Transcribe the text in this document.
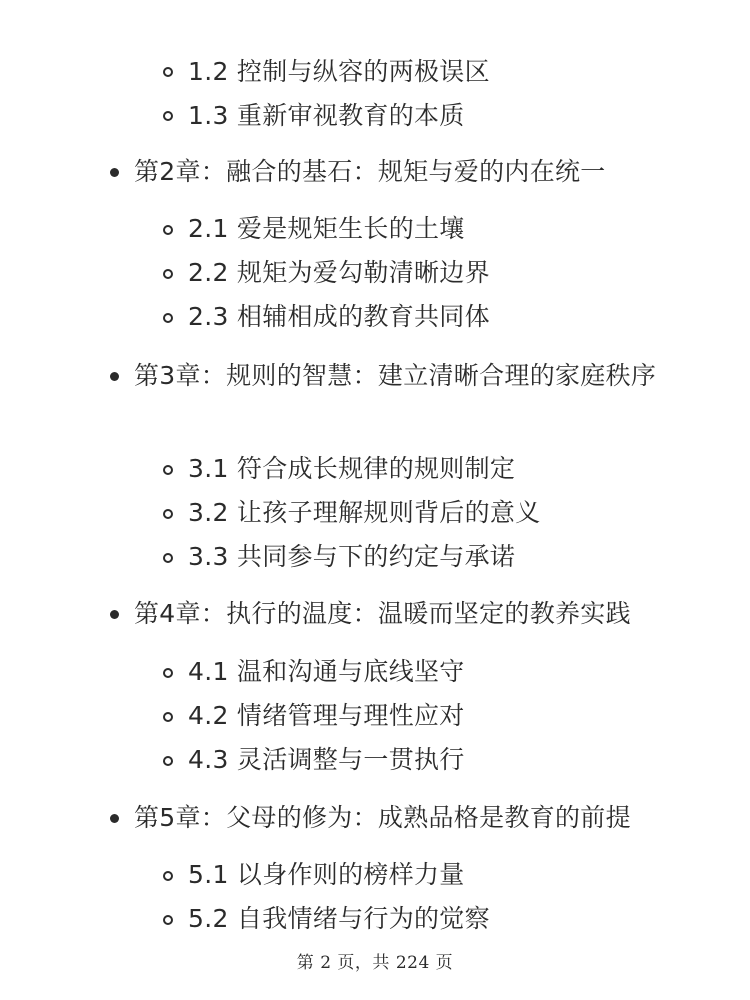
1.2 控制与纵容的两极误区
1.3 重新审视教育的本质
第2章：融合的基石：规矩与爱的内在统一
2.1 爱是规矩生长的土壤
2.2 规矩为爱勾勒清晰边界
2.3 相辅相成的教育共同体
第3章：规则的智慧：建立清晰合理的家庭秩序
3.1 符合成长规律的规则制定
3.2 让孩子理解规则背后的意义
3.3 共同参与下的约定与承诺
第4章：执行的温度：温暖而坚定的教养实践
4.1 温和沟通与底线坚守
4.2 情绪管理与理性应对
4.3 灵活调整与一贯执行
第5章：父母的修为：成熟品格是教育的前提
5.1 以身作则的榜样力量
5.2 自我情绪与行为的觉察
第 2 页，共 224 页
